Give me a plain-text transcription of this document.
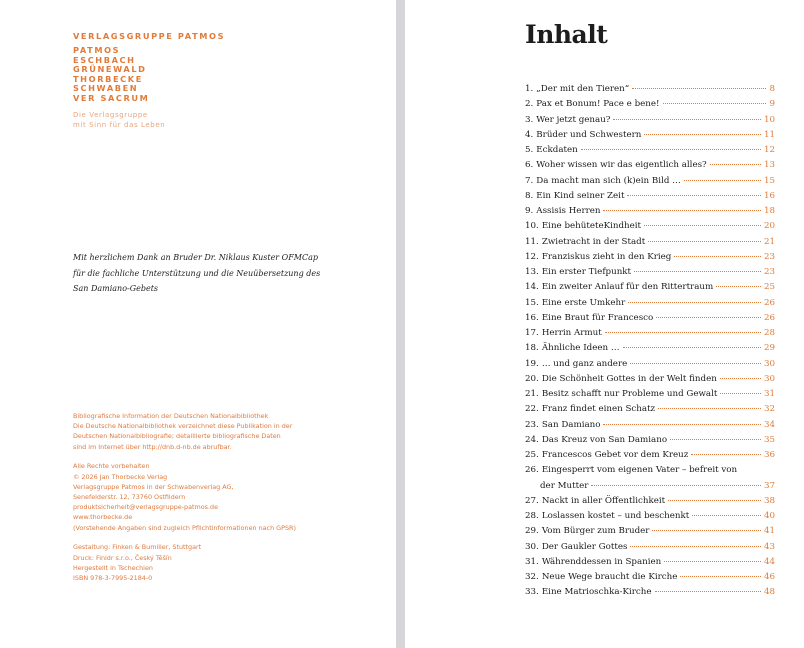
VERLAGSGRUPPE PATMOS
PATMOS
ESCHBACH
GRÜNEWALD
THORBECKE
SCHWABEN
VER SACRUM
Die Verlagsgruppe
mit Sinn für das Leben
Mit herzlichem Dank an Bruder Dr. Niklaus Kuster OFMCap
für die fachliche Unterstützung und die Neuübersetzung des
San Damiano-Gebets
Bibliografische Information der Deutschen Nationalbibliothek
Die Deutsche Nationalbibliothek verzeichnet diese Publikation in der
Deutschen Nationalbibliografie; detaillierte bibliografische Daten
sind im Internet über http://dnb.d-nb.de abrufbar.
Alle Rechte vorbehalten
© 2026 Jan Thorbecke Verlag
Verlagsgruppe Patmos in der Schwabenverlag AG,
Senefelderstr. 12, 73760 Ostfildern
produktsicherheit@verlagsgruppe-patmos.de
www.thorbecke.de
(Vorstehende Angaben sind zugleich Pflichtinformationen nach GPSR)
Gestaltung: Finken & Bumiller, Stuttgart
Druck: Finidr s.r.o., Český Těšín
Hergestellt in Tschechien
ISBN 978-3-7995-2184-0
Inhalt
1. „Der mit den Tieren“	8
2. Pax et Bonum! Pace e bene!	9
3. Wer jetzt genau?	10
4. Brüder und Schwestern	11
5. Eckdaten	12
6. Woher wissen wir das eigentlich alles?	13
7. Da macht man sich (k)ein Bild …	15
8. Ein Kind seiner Zeit	16
9. Assisis Herren	18
10. Eine behüteteKindheit	20
11. Zwietracht in der Stadt	21
12. Franziskus zieht in den Krieg	23
13. Ein erster Tiefpunkt	23
14. Ein zweiter Anlauf für den Rittertraum	25
15. Eine erste Umkehr	26
16. Eine Braut für Francesco	26
17. Herrin Armut	28
18. Ähnliche Ideen …	29
19. … und ganz andere	30
20. Die Schönheit Gottes in der Welt finden	30
21. Besitz schafft nur Probleme und Gewalt	31
22. Franz findet einen Schatz	32
23. San Damiano	34
24. Das Kreuz von San Damiano	35
25. Francescos Gebet vor dem Kreuz	36
26. Eingesperrt vom eigenen Vater – befreit von
der Mutter	37
27. Nackt in aller Öffentlichkeit	38
28. Loslassen kostet – und beschenkt	40
29. Vom Bürger zum Bruder	41
30. Der Gaukler Gottes	43
31. Währenddessen in Spanien	44
32. Neue Wege braucht die Kirche	46
33. Eine Matrioschka-Kirche	48
